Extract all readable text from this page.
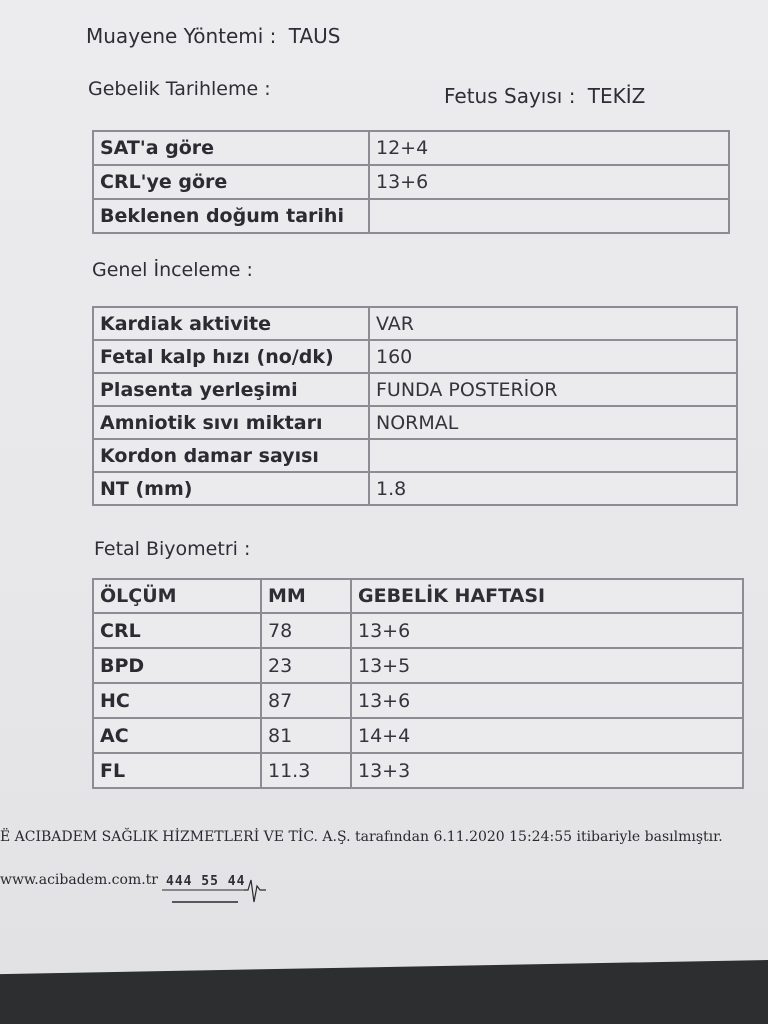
Muayene Yöntemi : TAUS
Gebelik Tarihleme :	Fetus Sayısı : TEKİZ
SAT'a göre	12+4
CRL'ye göre	13+6
Beklenen doğum tarihi	
Genel İnceleme :
Kardiak aktivite	VAR
Fetal kalp hızı (no/dk)	160
Plasenta yerleşimi	FUNDA POSTERİOR
Amniotik sıvı miktarı	NORMAL
Kordon damar sayısı	
NT (mm)	1.8
Fetal Biyometri :
ÖLÇÜM	MM	GEBELİK HAFTASI
CRL	78	13+6
BPD	23	13+5
HC	87	13+6
AC	81	14+4
FL	11.3	13+3
Ё ACIBADEM SAĞLIK HİZMETLERİ VE TİC. A.Ş. tarafından 6.11.2020 15:24:55 itibariyle basılmıştır.
www.acibadem.com.tr 444 55 44
